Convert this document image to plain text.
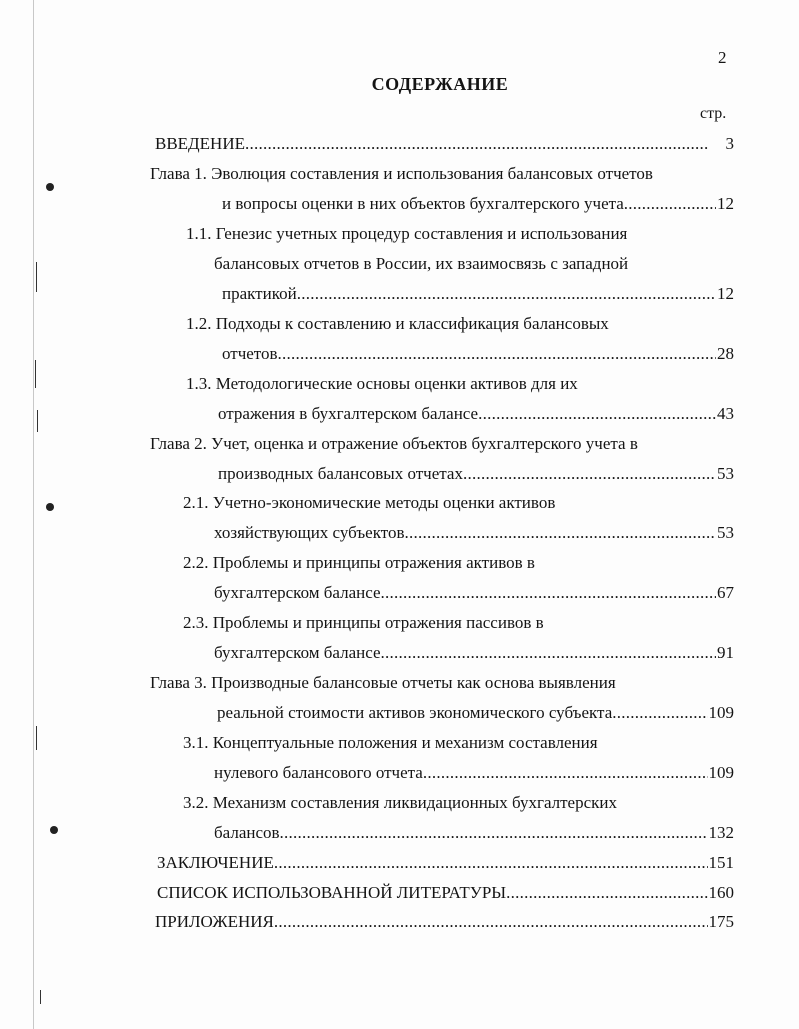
2
СОДЕРЖАНИЕ
стр.
ВВЕДЕНИЕ . . .	3
Глава 1. Эволюция составления и использования балансовых отчетов
и вопросы оценки в них объектов бухгалтерского учета . . .	12
1.1. Генезис учетных процедур составления и использования
балансовых отчетов в России, их взаимосвязь с западной
практикой . . .	12
1.2. Подходы к составлению и классификация балансовых
отчетов . . .	28
1.3. Методологические основы оценки активов для их
отражения в бухгалтерском балансе . . .	43
Глава 2. Учет, оценка и отражение объектов бухгалтерского учета в
производных балансовых отчетах . . .	53
2.1. Учетно-экономические методы оценки активов
хозяйствующих субъектов . . .	53
2.2. Проблемы и принципы отражения активов в
бухгалтерском балансе . . .	67
2.3. Проблемы и принципы отражения пассивов в
бухгалтерском балансе . . .	91
Глава 3. Производные балансовые отчеты как основа выявления
реальной стоимости активов экономического субъекта . . .	109
3.1. Концептуальные положения и механизм составления
нулевого балансового отчета . . .	109
3.2. Механизм составления ликвидационных бухгалтерских
балансов . . .	132
ЗАКЛЮЧЕНИЕ . . .	151
СПИСОК ИСПОЛЬЗОВАННОЙ ЛИТЕРАТУРЫ . . .	160
ПРИЛОЖЕНИЯ . . .	175
